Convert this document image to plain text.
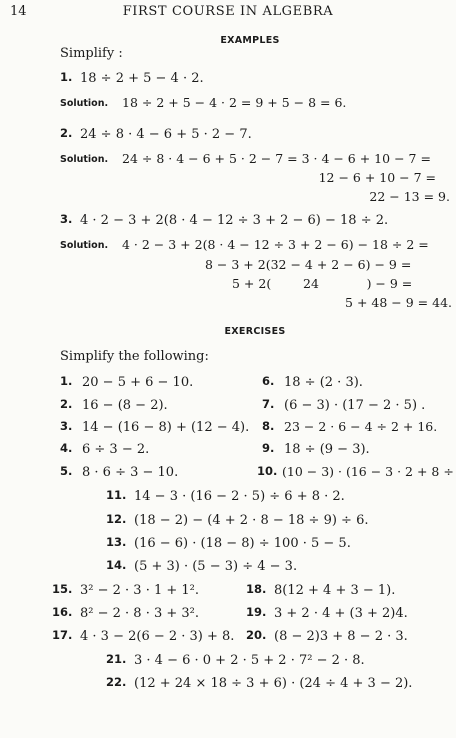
14	FIRST COURSE IN ALGEBRA
EXAMPLES
Simplify :
1. 18 ÷ 2 + 5 − 4 · 2.
Solution. 18 ÷ 2 + 5 − 4 · 2 = 9 + 5 − 8 = 6.
2. 24 ÷ 8 · 4 − 6 + 5 · 2 − 7.
Solution. 24 ÷ 8 · 4 − 6 + 5 · 2 − 7 = 3 · 4 − 6 + 10 − 7 =
12 − 6 + 10 − 7 =
22 − 13 = 9.
3. 4 · 2 − 3 + 2(8 · 4 − 12 ÷ 3 + 2 − 6) − 18 ÷ 2.
Solution. 4 · 2 − 3 + 2(8 · 4 − 12 ÷ 3 + 2 − 6) − 18 ÷ 2 =
8 − 3 + 2(32 − 4 + 2 − 6) − 9 =
5 + 2(        24            ) − 9 =
5 + 48 − 9 = 44.
EXERCISES
Simplify the following:
1. 20 − 5 + 6 − 10.
2. 16 − (8 − 2).
3. 14 − (16 − 8) + (12 − 4).
4. 6 ÷ 3 − 2.
5. 8 · 6 ÷ 3 − 10.
6. 18 ÷ (2 · 3).
7. (6 − 3) · (17 − 2 · 5) .
8. 23 − 2 · 6 − 4 ÷ 2 + 16.
9. 18 ÷ (9 − 3).
10. (10 − 3) · (16 − 3 · 2 + 8 ÷
11. 14 − 3 · (16 − 2 · 5) ÷ 6 + 8 · 2.
12. (18 − 2) − (4 + 2 · 8 − 18 ÷ 9) ÷ 6.
13. (16 − 6) · (18 − 8) ÷ 100 · 5 − 5.
14. (5 + 3) · (5 − 3) ÷ 4 − 3.
15. 3² − 2 · 3 · 1 + 1².
16. 8² − 2 · 8 · 3 + 3².
17. 4 · 3 − 2(6 − 2 · 3) + 8.
18. 8(12 + 4 + 3 − 1).
19. 3 + 2 · 4 + (3 + 2)4.
20. (8 − 2)3 + 8 − 2 · 3.
21. 3 · 4 − 6 · 0 + 2 · 5 + 2 · 7² − 2 · 8.
22. (12 + 24 × 18 ÷ 3 + 6) · (24 ÷ 4 + 3 − 2).
